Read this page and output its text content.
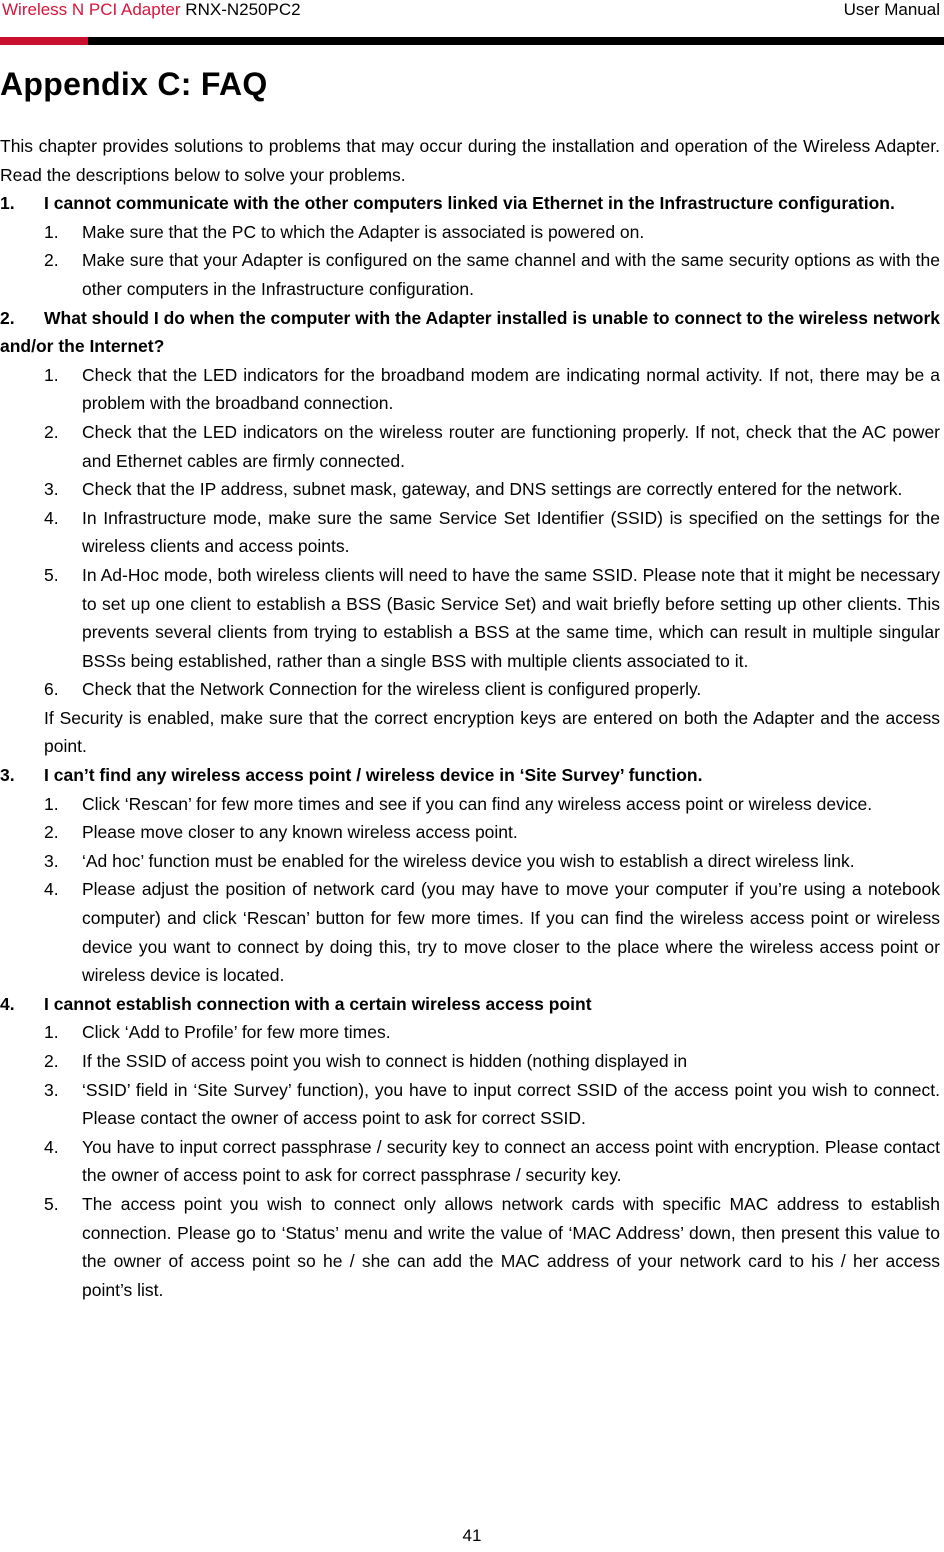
Wireless N PCI Adapter RNX-N250PC2	User Manual
Appendix C: FAQ

This chapter provides solutions to problems that may occur during the installation and operation of the Wireless Adapter. Read the descriptions below to solve your problems.

1. I cannot communicate with the other computers linked via Ethernet in the Infrastructure configuration.

1. Make sure that the PC to which the Adapter is associated is powered on.
2. Make sure that your Adapter is configured on the same channel and with the same security options as with the other computers in the Infrastructure configuration.

2. What should I do when the computer with the Adapter installed is unable to connect to the wireless network and/or the Internet?

1. Check that the LED indicators for the broadband modem are indicating normal activity. If not, there may be a problem with the broadband connection.
2. Check that the LED indicators on the wireless router are functioning properly. If not, check that the AC power and Ethernet cables are firmly connected.
3. Check that the IP address, subnet mask, gateway, and DNS settings are correctly entered for the network.
4. In Infrastructure mode, make sure the same Service Set Identifier (SSID) is specified on the settings for the wireless clients and access points.
5. In Ad-Hoc mode, both wireless clients will need to have the same SSID. Please note that it might be necessary to set up one client to establish a BSS (Basic Service Set) and wait briefly before setting up other clients. This prevents several clients from trying to establish a BSS at the same time, which can result in multiple singular BSSs being established, rather than a single BSS with multiple clients associated to it.
6. Check that the Network Connection for the wireless client is configured properly.

If Security is enabled, make sure that the correct encryption keys are entered on both the Adapter and the access point.

3. I can’t find any wireless access point / wireless device in ‘Site Survey’ function.

1. Click ‘Rescan’ for few more times and see if you can find any wireless access point or wireless device.
2. Please move closer to any known wireless access point.
3. ‘Ad hoc’ function must be enabled for the wireless device you wish to establish a direct wireless link.
4. Please adjust the position of network card (you may have to move your computer if you’re using a notebook computer) and click ‘Rescan’ button for few more times. If you can find the wireless access point or wireless device you want to connect by doing this, try to move closer to the place where the wireless access point or wireless device is located.

4. I cannot establish connection with a certain wireless access point

1. Click ‘Add to Profile’ for few more times.
2. If the SSID of access point you wish to connect is hidden (nothing displayed in
3. ‘SSID’ field in ‘Site Survey’ function), you have to input correct SSID of the access point you wish to connect. Please contact the owner of access point to ask for correct SSID.
4. You have to input correct passphrase / security key to connect an access point with encryption. Please contact the owner of access point to ask for correct passphrase / security key.
5. The access point you wish to connect only allows network cards with specific MAC address to establish connection. Please go to ‘Status’ menu and write the value of ‘MAC Address’ down, then present this value to the owner of access point so he / she can add the MAC address of your network card to his / her access point’s list.
41
